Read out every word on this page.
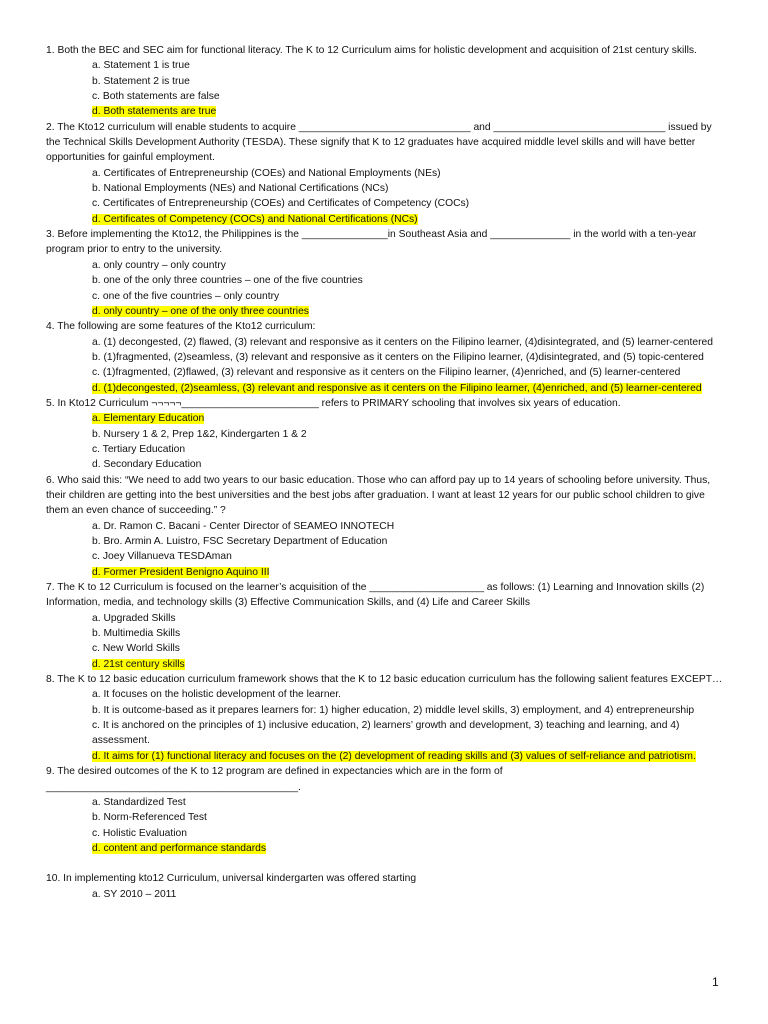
1. Both the BEC and SEC aim for functional literacy. The K to 12 Curriculum aims for holistic development and acquisition of 21st century skills.
a. Statement 1 is true
b. Statement 2 is true
c. Both statements are false
d. Both statements are true
2. The Kto12 curriculum will enable students to acquire ______________________________ and ______________________________ issued by the Technical Skills Development Authority (TESDA). These signify that K to 12 graduates have acquired middle level skills and will have better opportunities for gainful employment.
a. Certificates of Entrepreneurship (COEs) and National Employments (NEs)
b. National Employments (NEs) and National Certifications (NCs)
c. Certificates of Entrepreneurship (COEs) and Certificates of Competency (COCs)
d. Certificates of Competency (COCs) and National Certifications (NCs)
3. Before implementing the Kto12, the Philippines is the _______________in Southeast Asia and ______________ in the world with a ten-year program prior to entry to the university.
a. only country – only country
b. one of the only three countries – one of the five countries
c. one of the five countries – only country
d. only country – one of the only three countries
4. The following are some features of the Kto12 curriculum:
a. (1) decongested, (2) flawed, (3) relevant and responsive as it centers on the Filipino learner, (4)disintegrated, and (5) learner-centered
b. (1)fragmented, (2)seamless, (3) relevant and responsive as it centers on the Filipino learner, (4)disintegrated, and (5) topic-centered
c. (1)fragmented, (2)flawed, (3) relevant and responsive as it centers on the Filipino learner, (4)enriched, and (5) learner-centered
d. (1)decongested, (2)seamless, (3) relevant and responsive as it centers on the Filipino learner, (4)enriched, and (5) learner-centered
5. In Kto12 Curriculum ¬¬¬¬¬________________________ refers to PRIMARY schooling that involves six years of education.
a. Elementary Education
b. Nursery 1 & 2, Prep 1&2, Kindergarten 1 & 2
c. Tertiary Education
d. Secondary Education
6. Who said this: “We need to add two years to our basic education. Those who can afford pay up to 14 years of schooling before university. Thus, their children are getting into the best universities and the best jobs after graduation. I want at least 12 years for our public school children to give them an even chance of succeeding.” ?
a. Dr. Ramon C. Bacani - Center Director of SEAMEO INNOTECH
b. Bro. Armin A. Luistro, FSC Secretary Department of Education
c. Joey Villanueva TESDAman
d. Former President Benigno Aquino III
7. The K to 12 Curriculum is focused on the learner’s acquisition of the ____________________ as follows: (1) Learning and Innovation skills (2) Information, media, and technology skills (3) Effective Communication Skills, and (4) Life and Career Skills
a. Upgraded Skills
b. Multimedia Skills
c. New World Skills
d. 21st century skills
8. The K to 12 basic education curriculum framework shows that the K to 12 basic education curriculum has the following salient features EXCEPT…
a. It focuses on the holistic development of the learner.
b. It is outcome-based as it prepares learners for: 1) higher education, 2) middle level skills, 3) employment, and 4) entrepreneurship
c. It is anchored on the principles of 1) inclusive education, 2) learners’ growth and development, 3) teaching and learning, and 4) assessment.
d. It aims for (1) functional literacy and focuses on the (2) development of reading skills and (3) values of self-reliance and patriotism.
9. The desired outcomes of the K to 12 program are defined in expectancies which are in the form of ____________________________________________.
a. Standardized Test
b. Norm-Referenced Test
c. Holistic Evaluation
d. content and performance standards
10. In implementing kto12 Curriculum, universal kindergarten was offered starting
a. SY 2010 – 2011
1
